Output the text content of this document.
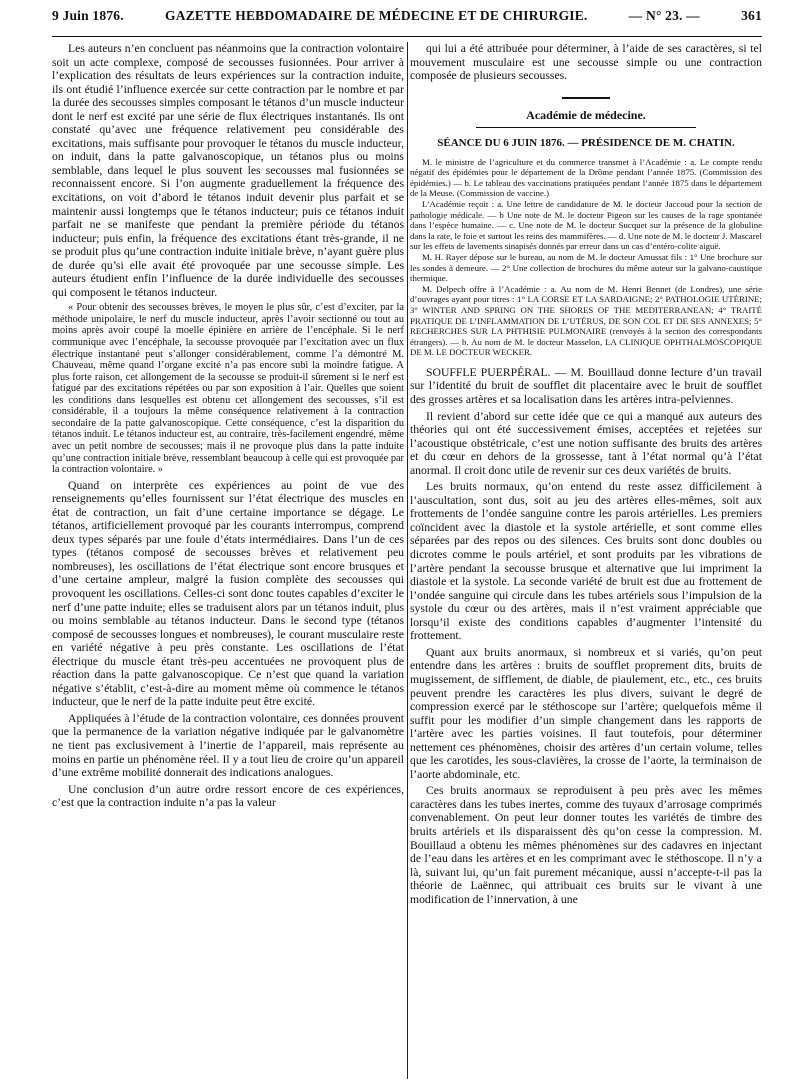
9 Juin 1876.	GAZETTE HEBDOMADAIRE DE MÉDECINE ET DE CHIRURGIE.	— N° 23. —	361

Les auteurs n’en concluent pas néanmoins que la contraction volontaire soit un acte complexe, composé de secousses fusionnées. Pour arriver à l’explication des résultats de leurs expériences sur la contraction induite, ils ont étudié l’influence exercée sur cette contraction par le nombre et par la durée des secousses simples composant le tétanos d’un muscle inducteur dont le nerf est excité par une série de flux électriques instantanés. Ils ont constaté qu’avec une fréquence relativement peu considérable des excitations, mais suffisante pour provoquer le tétanos du muscle inducteur, on induit, dans la patte galvanoscopique, un tétanos plus ou moins semblable, dans lequel le plus souvent les secousses mal fusionnées se reconnaissent encore. Si l’on augmente graduellement la fréquence des excitations, on voit d’abord le tétanos induit devenir plus parfait et se maintenir aussi longtemps que le tétanos inducteur; puis ce tétanos induit parfait ne se manifeste que pendant la première période du tétanos inducteur; puis enfin, la fréquence des excitations étant très-grande, il ne se produit plus qu’une contraction induite initiale brève, n’ayant guère plus de durée qu’si elle avait été provoquée par une secousse simple. Les auteurs étudient enfin l’influence de la durée individuelle des secousses qui composent le tétanos inducteur.

« Pour obtenir des secousses brèves, le moyen le plus sûr, c’est d’exciter, par la méthode unipolaire, le nerf du muscle inducteur, après l’avoir sectionné ou tout au moins après avoir coupé la moelle épinière en arrière de l’encéphale. Si le nerf communique avec l’encéphale, la secousse provoquée par l’excitation avec un flux électrique instantané peut s’allonger considérablement, comme l’a démontré M. Chauveau, même quand l’organe excité n’a pas encore subi la moindre fatigue. A plus forte raison, cet allongement de la secousse se produit-il sûrement si le nerf est fatigué par des excitations répétées ou par son exposition à l’air. Quelles que soient les conditions dans lesquelles est obtenu cet allongement des secousses, s’il est considérable, il a toujours la même conséquence relativement à la contraction secondaire de la patte galvanoscopique. Cette conséquence, c’est la disparition du tétanos induit. Le tétanos inducteur est, au contraire, très-facilement engendré, même avec un petit nombre de secousses; mais il ne provoque plus dans la patte induite qu’une contraction initiale brève, ressemblant beaucoup à celle qui est provoquée par la contraction volontaire. »

Quand on interprète ces expériences au point de vue des renseignements qu’elles fournissent sur l’état électrique des muscles en état de contraction, un fait d’une certaine importance se dégage. Le tétanos, artificiellement provoqué par les courants interrompus, comprend deux types séparés par une foule d’états intermédiaires. Dans l’un de ces types (tétanos composé de secousses brèves et relativement peu nombreuses), les oscillations de l’état électrique sont encore brusques et d’une certaine ampleur, malgré la fusion complète des secousses qui provoquent les oscillations. Celles-ci sont donc toutes capables d’exciter le nerf d’une patte induite; elles se traduisent alors par un tétanos induit, plus ou moins semblable au tétanos inducteur. Dans le second type (tétanos composé de secousses longues et nombreuses), le courant musculaire reste en variété négative à peu près constante. Les oscillations de l’état électrique du muscle étant très-peu accentuées ne provoquent plus de réaction dans la patte galvanoscopique. Ce n’est que quand la variation négative s’établit, c’est-à-dire au moment même où commence le tétanos inducteur, que le nerf de la patte induite peut être excité.

Appliquées à l’étude de la contraction volontaire, ces données prouvent que la permanence de la variation négative indiquée par le galvanomètre ne tient pas exclusivement à l’inertie de l’appareil, mais représente au moins en partie un phénomène réel. Il y a tout lieu de croire qu’un appareil d’une extrême mobilité donnerait des indications analogues.

Une conclusion d’un autre ordre ressort encore de ces expériences, c’est que la contraction induite n’a pas la valeur

qui lui a été attribuée pour déterminer, à l’aide de ses caractères, si tel mouvement musculaire est une secousse simple ou une contraction composée de plusieurs secousses.

Académie de médecine.
SÉANCE DU 6 JUIN 1876. — PRÉSIDENCE DE M. CHATIN.

M. le ministre de l’agriculture et du commerce transmet à l’Académie : a. Le compte rendu négatif des épidémies pour le département de la Drôme pendant l’année 1875. (Commission des épidémies.) — b. Le tableau des vaccinations pratiquées pendant l’année 1875 dans le département de la Meuse. (Commission de vaccine.)

L’Académie reçoit : a. Une lettre de candidature de M. le docteur Jaccoud pour la section de pathologie médicale. — b Une note de M. le docteur Pigeon sur les causes de la rage spontanée dans l’espèce humaine. — c. Une note de M. le docteur Sucquet sur la présence de la globuline dans la rate, le foie et surtout les reins des mammifères. — d. Une note de M. le docteur J. Mascarel sur les effets de lavements sinapisés donnés par erreur dans un cas d’entéro-colite aiguë.

M. H. Rayer dépose sur le bureau, au nom de M. le docteur Amussat fils : 1° Une brochure sur les sondes à demeure. — 2° Une collection de brochures du même auteur sur la galvano-caustique thermique.

M. Delpech offre à l’Académie : a. Au nom de M. Henri Bennet (de Londres), une série d’ouvrages ayant pour titres : 1° LA CORSE ET LA SARDAIGNE; 2° PATHOLOGIE UTÉRINE; 3° WINTER AND SPRING ON THE SHORES OF THE MEDITERRANEAN; 4° TRAITÉ PRATIQUE DE L’INFLAMMATION DE L’UTÉRUS, DE SON COL ET DE SES ANNEXES; 5° RECHERCHES SUR LA PHTHISIE PULMONAIRE (renvoyés à la section des correspondants étrangers). — b. Au nom de M. le docteur Masselon, LA CLINIQUE OPHTHALMOSCOPIQUE DE M. LE DOCTEUR WECKER.

SOUFFLE PUERPÉRAL. — M. Bouillaud donne lecture d’un travail sur l’identité du bruit de soufflet dit placentaire avec le bruit de soufflet des grosses artères et sa localisation dans les artères intra-pelviennes.

Il revient d’abord sur cette idée que ce qui a manqué aux auteurs des théories qui ont été successivement émises, acceptées et rejetées sur l’acoustique obstétricale, c’est une notion suffisante des bruits des artères et du cœur en dehors de la grossesse, tant à l’état normal qu’à l’état anormal. Il croit donc utile de revenir sur ces deux variétés de bruits.

Les bruits normaux, qu’on entend du reste assez difficilement à l’auscultation, sont dus, soit au jeu des artères elles-mêmes, soit aux frottements de l’ondée sanguine contre les parois artérielles. Les premiers coïncident avec la diastole et la systole artérielle, et sont comme elles séparées par des repos ou des silences. Ces bruits sont donc doubles ou dicrotes comme le pouls artériel, et sont produits par les vibrations de l’artère pendant la secousse brusque et alternative que lui impriment la diastole et la systole. La seconde variété de bruit est due au frottement de l’ondée sanguine qui circule dans les tubes artériels sous l’impulsion de la systole du cœur ou des artères, mais il n’est vraiment appréciable que lorsqu’il existe des conditions capables d’augmenter l’intensité du frottement.

Quant aux bruits anormaux, si nombreux et si variés, qu’on peut entendre dans les artères : bruits de soufflet proprement dits, bruits de mugissement, de sifflement, de diable, de piaulement, etc., etc., ces bruits peuvent prendre les caractères les plus divers, suivant le degré de compression exercé par le stéthoscope sur l’artère; quelquefois même il suffit pour les modifier d’un simple changement dans les rapports de l’artère avec les parties voisines. Il faut toutefois, pour déterminer nettement ces phénomènes, choisir des artères d’un certain volume, telles que les carotides, les sous-clavières, la crosse de l’aorte, la terminaison de l’aorte abdominale, etc.

Ces bruits anormaux se reproduisent à peu près avec les mêmes caractères dans les tubes inertes, comme des tuyaux d’arrosage comprimés convenablement. On peut leur donner toutes les variétés de timbre des bruits artériels et ils disparaissent dès qu’on cesse la compression. M. Bouillaud a obtenu les mêmes phénomènes sur des cadavres en injectant de l’eau dans les artères et en les comprimant avec le stéthoscope. Il n’y a là, suivant lui, qu’un fait purement mécanique, aussi n’accepte-t-il pas la théorie de Laënnec, qui attribuait ces bruits sur le vivant à une modification de l’innervation, à une
